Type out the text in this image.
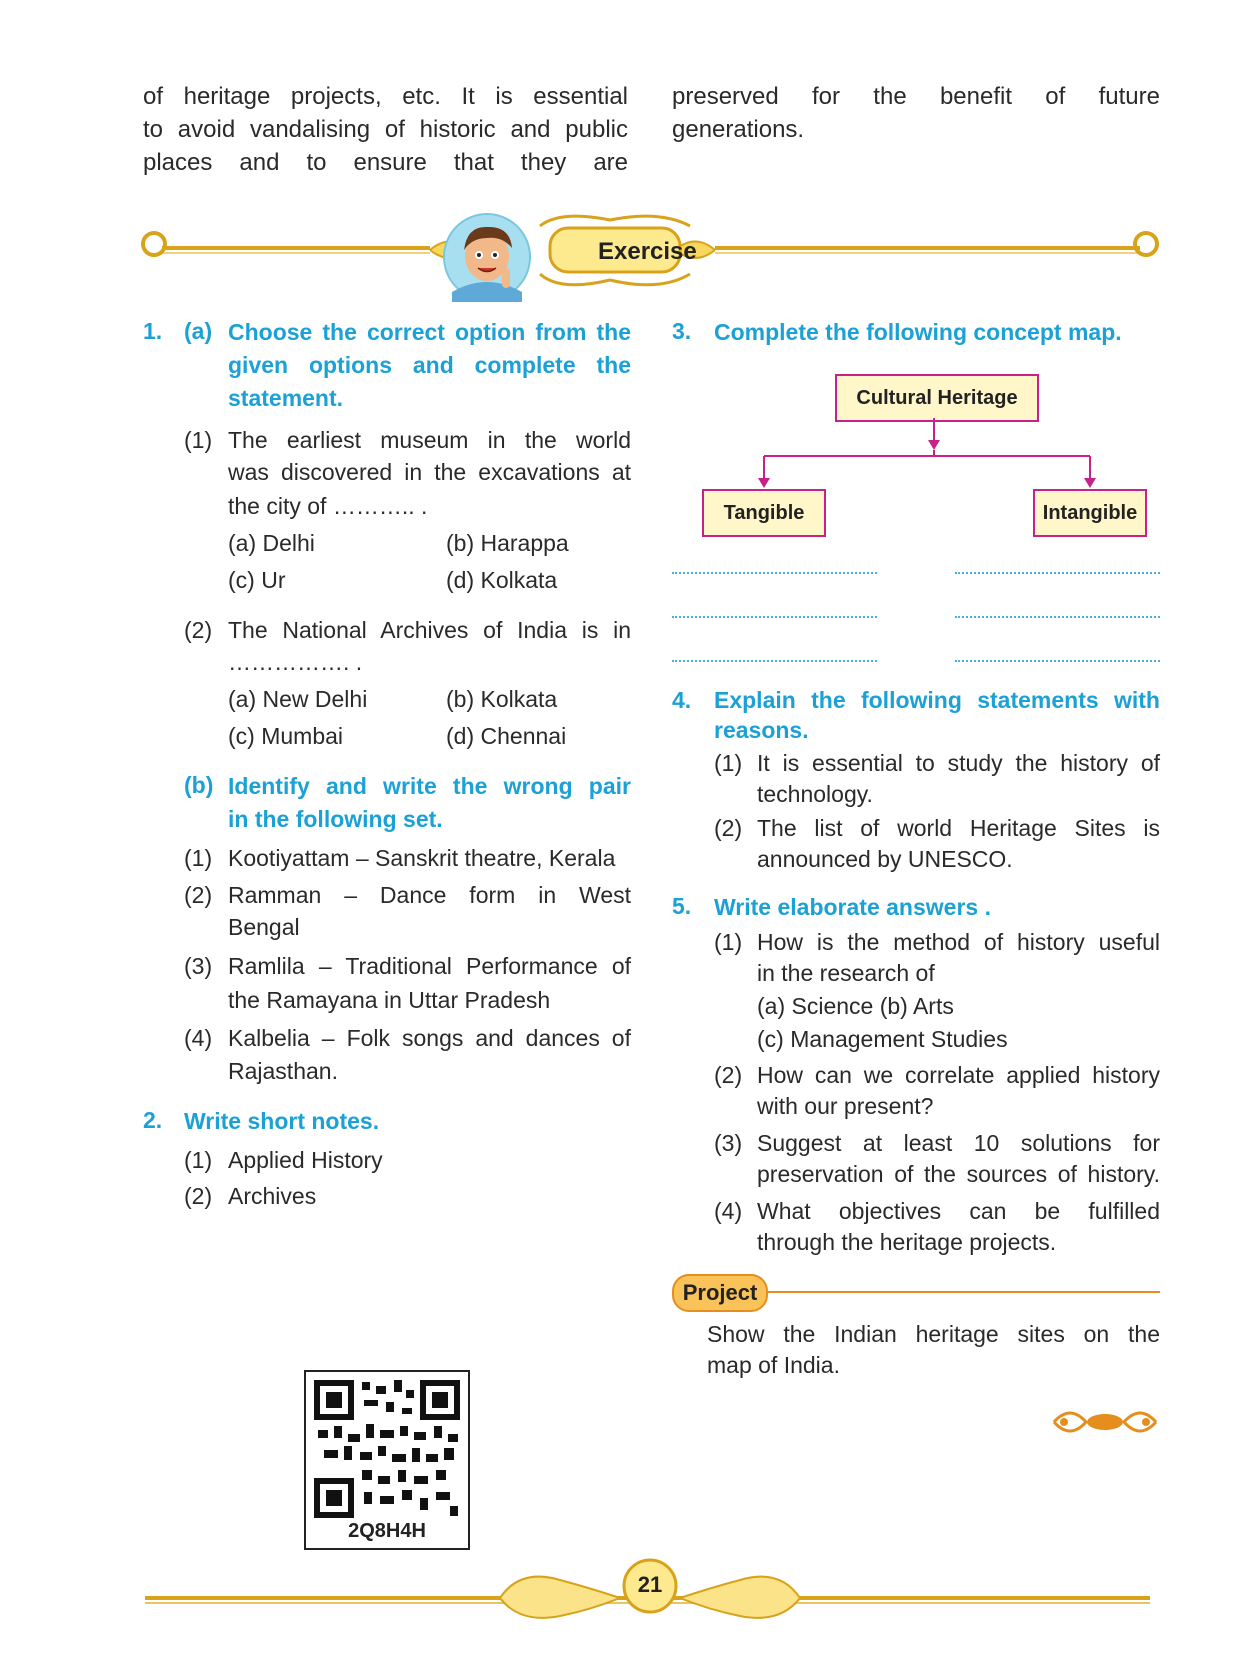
of heritage projects, etc. It is essential
to avoid vandalising of historic and public
places and to ensure that they are
preserved for the benefit of future
generations.
Exercise
1. (a) Choose the correct option from the
given options and complete the
statement.
(1) The earliest museum in the world
was discovered in the excavations at
the city of ……….. .
(a) Delhi	(b) Harappa
(c) Ur	(d) Kolkata
(2) The National Archives of India is in
……………. .
(a) New Delhi	(b) Kolkata
(c) Mumbai	(d) Chennai
(b) Identify and write the wrong pair
in the following set.
(1) Kootiyattam – Sanskrit theatre, Kerala
(2) Ramman – Dance form in West
Bengal
(3) Ramlila – Traditional Performance of
the Ramayana in Uttar Pradesh
(4) Kalbelia – Folk songs and dances of
Rajasthan.
2. Write short notes.
(1) Applied History
(2) Archives
2Q8H4H
3. Complete the following concept map.
Cultural Heritage
Tangible	Intangible
4. Explain the following statements with
reasons.
(1) It is essential to study the history of
technology.
(2) The list of world Heritage Sites is
announced by UNESCO.
5. Write elaborate answers .
(1) How is the method of history useful
in the research of
(a) Science (b) Arts
(c) Management Studies
(2) How can we correlate applied history
with our present?
(3) Suggest at least 10 solutions for
preservation of the sources of history.
(4) What objectives can be fulfilled
through the heritage projects.
Project
Show the Indian heritage sites on the
map of India.
21
